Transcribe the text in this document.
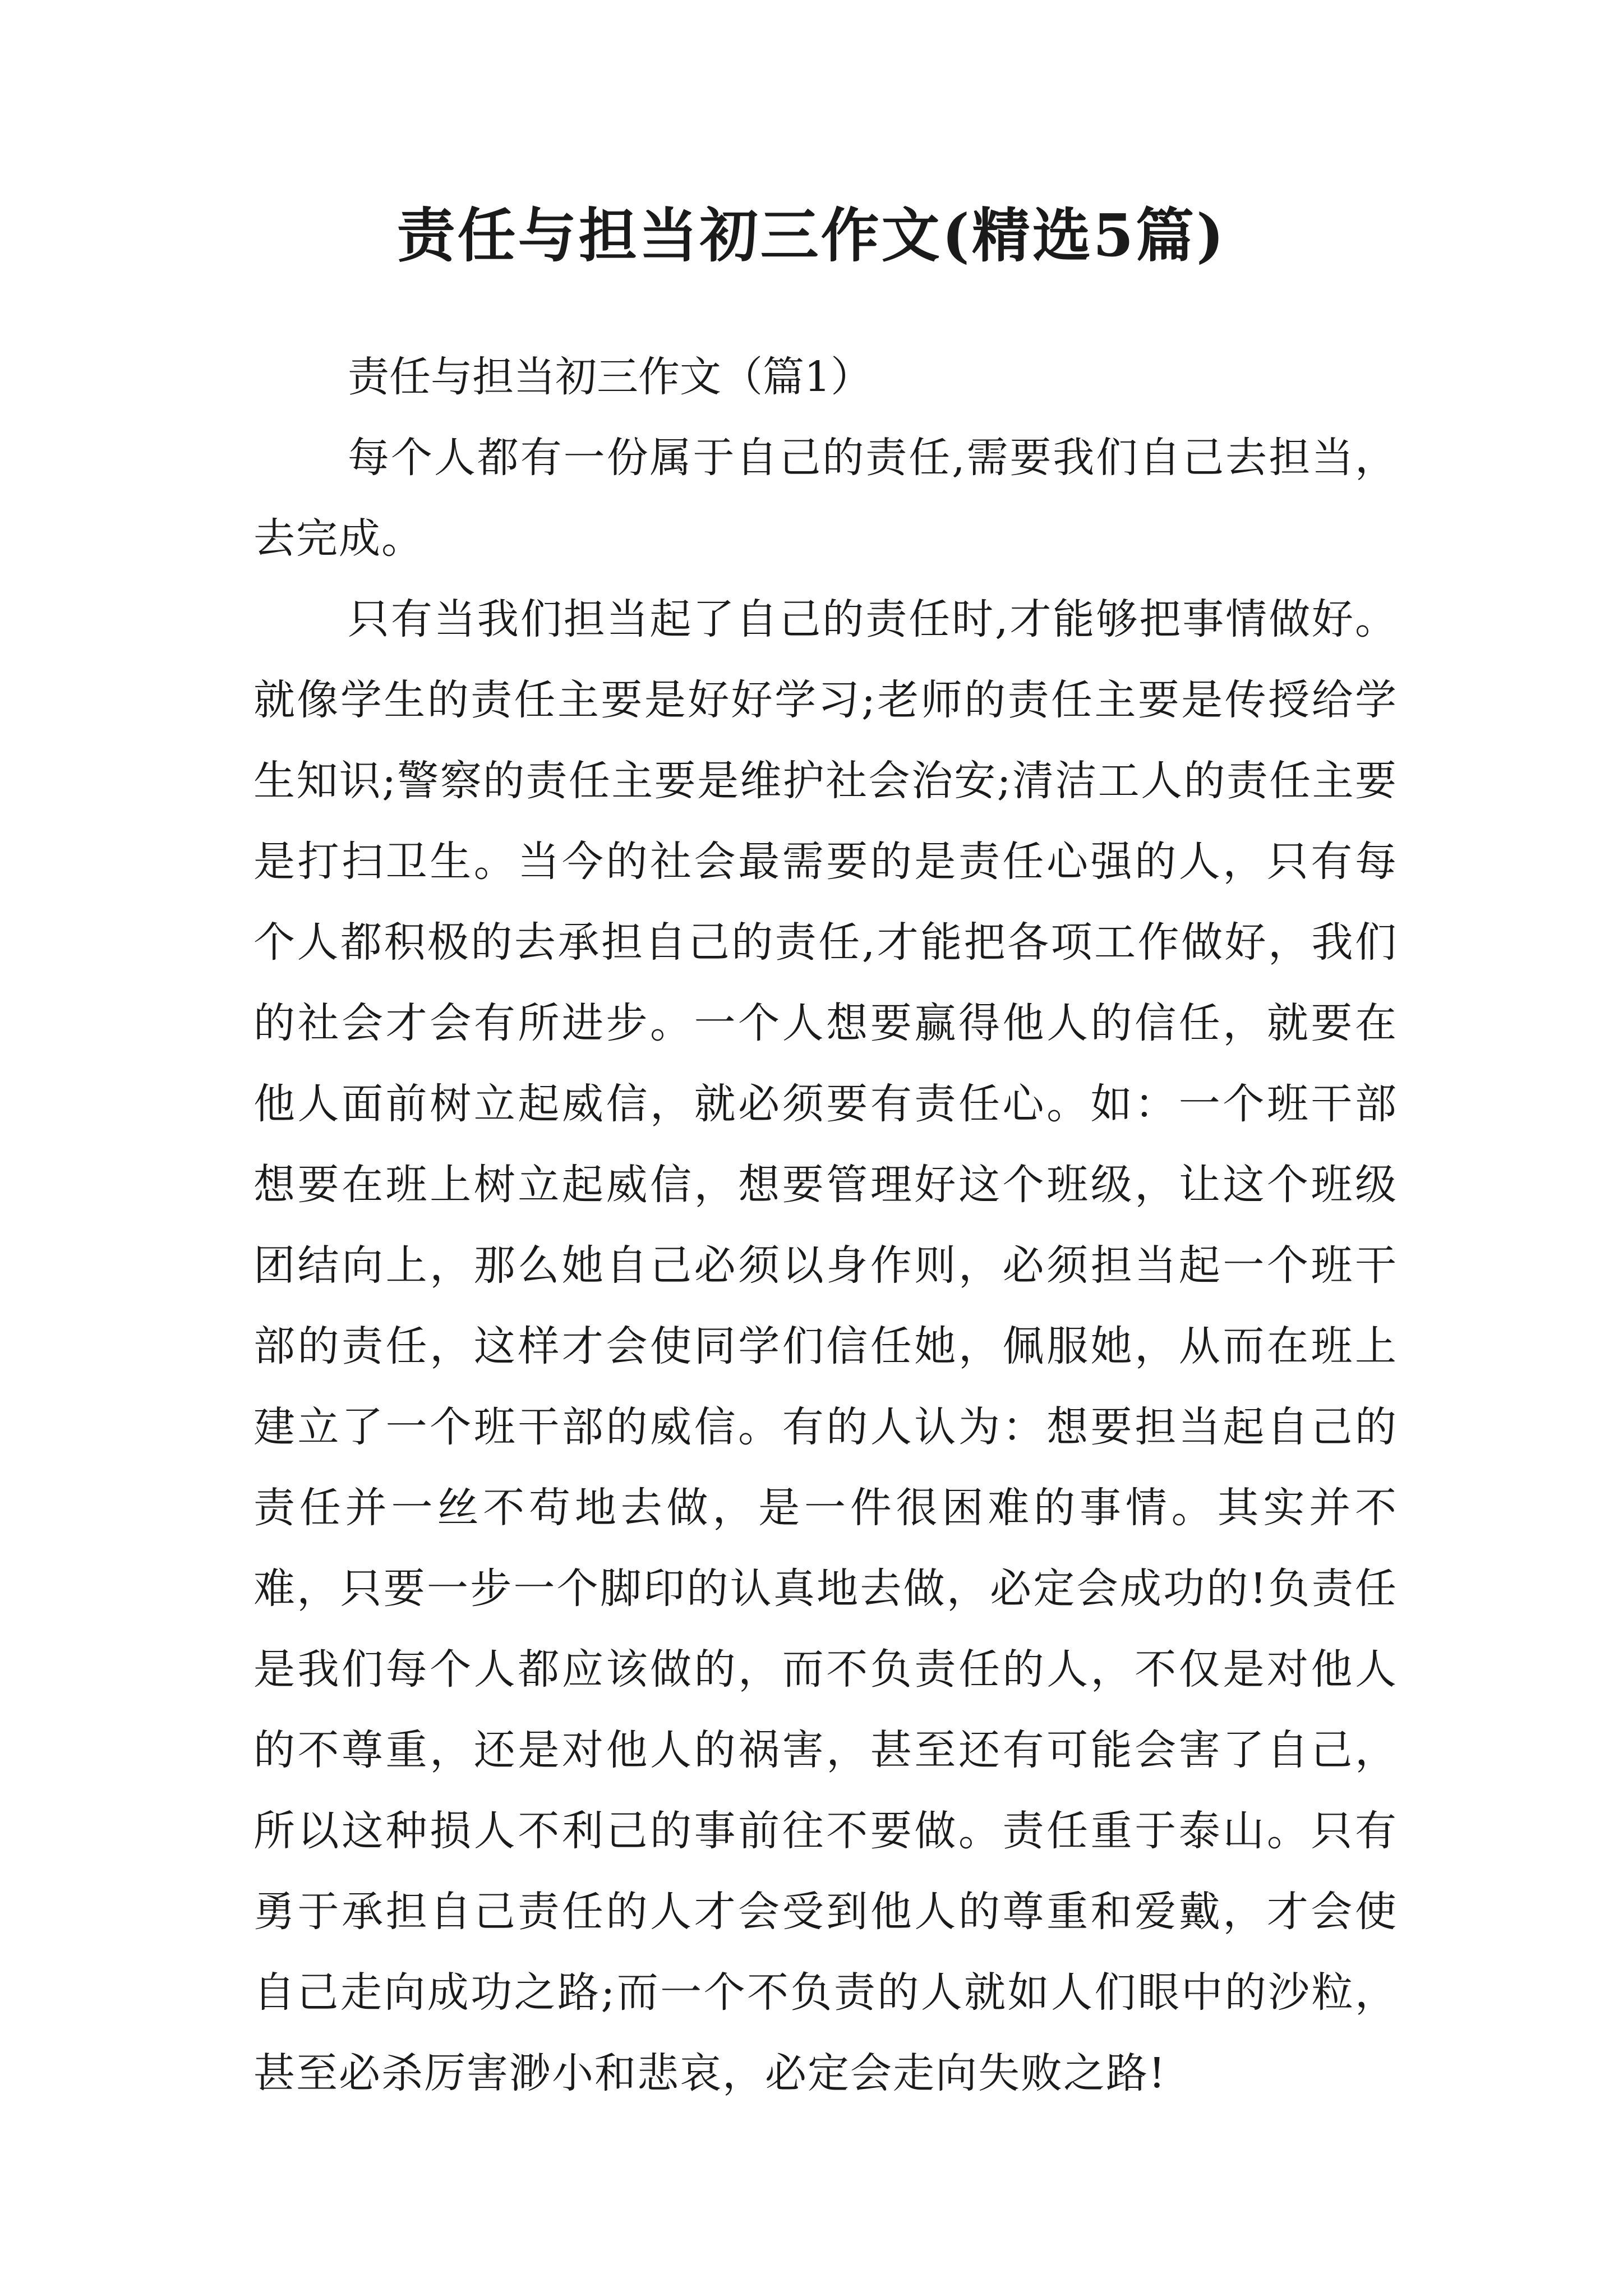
责任与担当初三作文(精选5篇)

责任与担当初三作文（篇1）

每个人都有一份属于自己的责任,需要我们自己去担当，去完成。

只有当我们担当起了自己的责任时,才能够把事情做好。就像学生的责任主要是好好学习;老师的责任主要是传授给学生知识;警察的责任主要是维护社会治安;清洁工人的责任主要是打扫卫生。当今的社会最需要的是责任心强的人，只有每个人都积极的去承担自己的责任,才能把各项工作做好，我们的社会才会有所进步。一个人想要赢得他人的信任，就要在他人面前树立起威信，就必须要有责任心。如：一个班干部想要在班上树立起威信，想要管理好这个班级，让这个班级团结向上，那么她自己必须以身作则，必须担当起一个班干部的责任，这样才会使同学们信任她，佩服她，从而在班上建立了一个班干部的威信。有的人认为：想要担当起自己的责任并一丝不苟地去做，是一件很困难的事情。其实并不难，只要一步一个脚印的认真地去做，必定会成功的!负责任是我们每个人都应该做的，而不负责任的人，不仅是对他人的不尊重，还是对他人的祸害，甚至还有可能会害了自己，所以这种损人不利己的事前往不要做。责任重于泰山。只有勇于承担自己责任的人才会受到他人的尊重和爱戴，才会使自己走向成功之路;而一个不负责的人就如人们眼中的沙粒，甚至必杀厉害渺小和悲哀，必定会走向失败之路!
